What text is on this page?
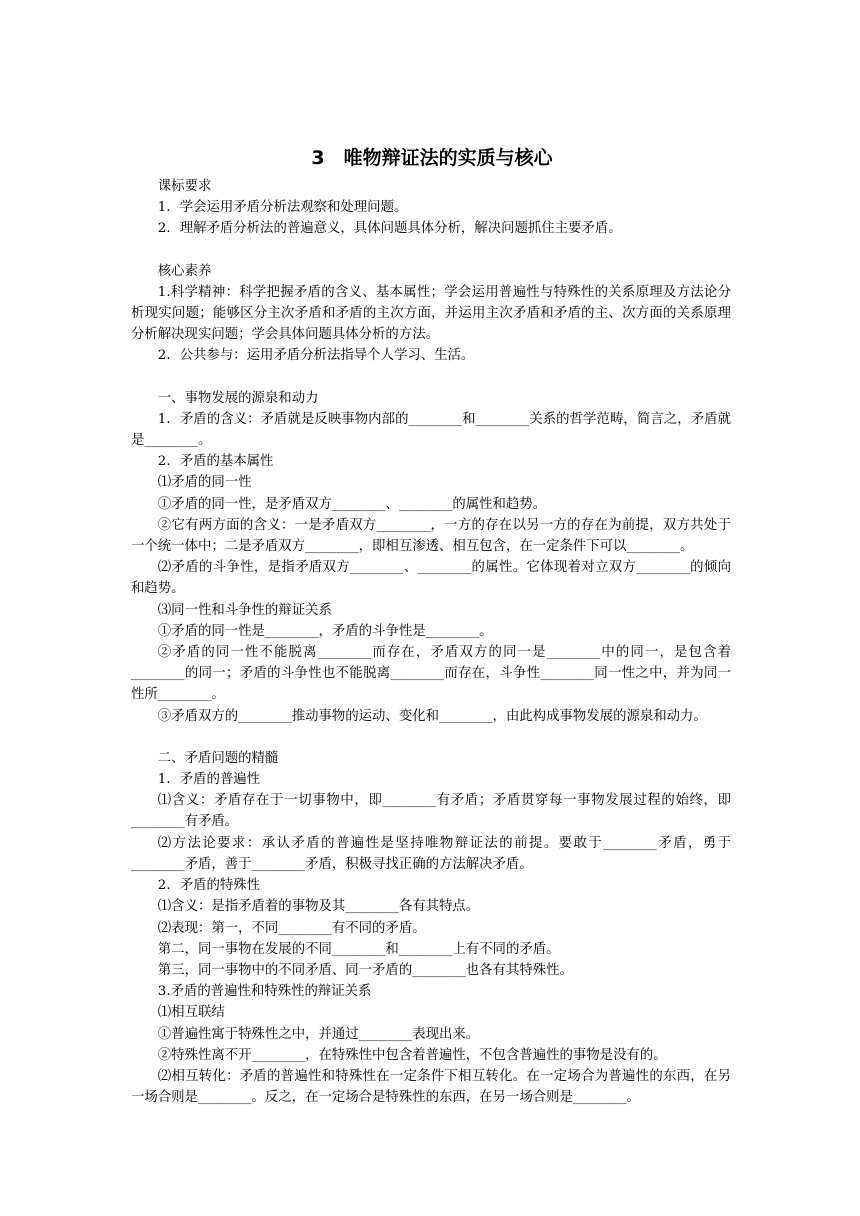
3　唯物辩证法的实质与核心

课标要求

1．学会运用矛盾分析法观察和处理问题。

2．理解矛盾分析法的普遍意义，具体问题具体分析，解决问题抓住主要矛盾。

核心素养

1.科学精神：科学把握矛盾的含义、基本属性；学会运用普遍性与特殊性的关系原理及方法论分析现实问题；能够区分主次矛盾和矛盾的主次方面，并运用主次矛盾和矛盾的主、次方面的关系原理分析解决现实问题；学会具体问题具体分析的方法。

2．公共参与：运用矛盾分析法指导个人学习、生活。

一、事物发展的源泉和动力

1．矛盾的含义：矛盾就是反映事物内部的________和________关系的哲学范畴，简言之，矛盾就是________。

2．矛盾的基本属性

⑴矛盾的同一性

①矛盾的同一性，是矛盾双方________、________的属性和趋势。

②它有两方面的含义：一是矛盾双方________，一方的存在以另一方的存在为前提，双方共处于一个统一体中；二是矛盾双方________，即相互渗透、相互包含，在一定条件下可以________。

⑵矛盾的斗争性，是指矛盾双方________、________的属性。它体现着对立双方________的倾向和趋势。

⑶同一性和斗争性的辩证关系

①矛盾的同一性是________，矛盾的斗争性是________。

②矛盾的同一性不能脱离________而存在，矛盾双方的同一是________中的同一，是包含着________的同一；矛盾的斗争性也不能脱离________而存在，斗争性________同一性之中，并为同一性所________。

③矛盾双方的________推动事物的运动、变化和________，由此构成事物发展的源泉和动力。

二、矛盾问题的精髓

1．矛盾的普遍性

⑴含义：矛盾存在于一切事物中，即________有矛盾；矛盾贯穿每一事物发展过程的始终，即________有矛盾。

⑵方法论要求：承认矛盾的普遍性是坚持唯物辩证法的前提。要敢于________矛盾，勇于________矛盾，善于________矛盾，积极寻找正确的方法解决矛盾。

2．矛盾的特殊性

⑴含义：是指矛盾着的事物及其________各有其特点。

⑵表现：第一，不同________有不同的矛盾。

第二，同一事物在发展的不同________和________上有不同的矛盾。

第三，同一事物中的不同矛盾、同一矛盾的________也各有其特殊性。

3.矛盾的普遍性和特殊性的辩证关系

⑴相互联结

①普遍性寓于特殊性之中，并通过________表现出来。

②特殊性离不开________，在特殊性中包含着普遍性，不包含普遍性的事物是没有的。

⑵相互转化：矛盾的普遍性和特殊性在一定条件下相互转化。在一定场合为普遍性的东西，在另一场合则是________。反之，在一定场合是特殊性的东西，在另一场合则是________。
